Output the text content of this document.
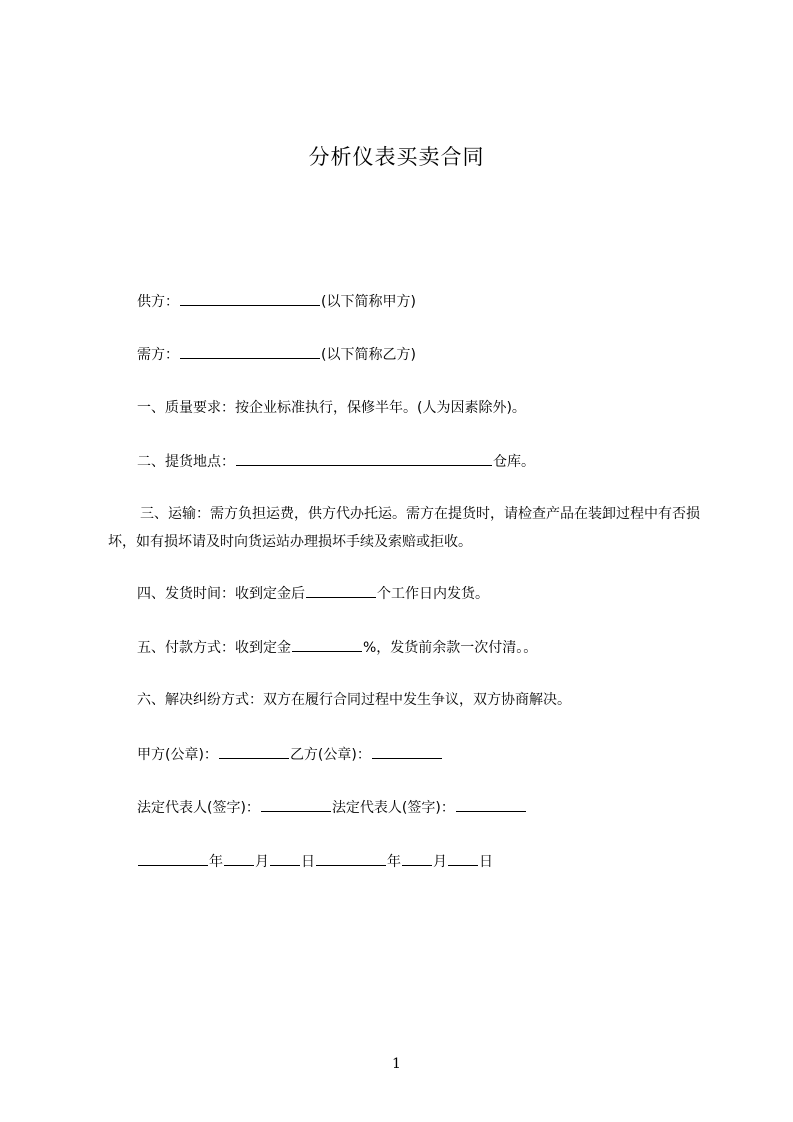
分析仪表买卖合同
供方：	(以下简称甲方)
需方：	(以下简称乙方)
一、质量要求：按企业标准执行，保修半年。(人为因素除外)。
二、提货地点：	仓库。
三、运输：需方负担运费，供方代办托运。需方在提货时，请检查产品在装卸过程中有否损坏，如有损坏请及时向货运站办理损坏手续及索赔或拒收。
四、发货时间：收到定金后	个工作日内发货。
五、付款方式：收到定金	%，发货前余款一次付清。。
六、解决纠纷方式：双方在履行合同过程中发生争议，双方协商解决。
甲方(公章)：	乙方(公章)：
法定代表人(签字)：	法定代表人(签字)：
年 月 日	年 月 日
1
